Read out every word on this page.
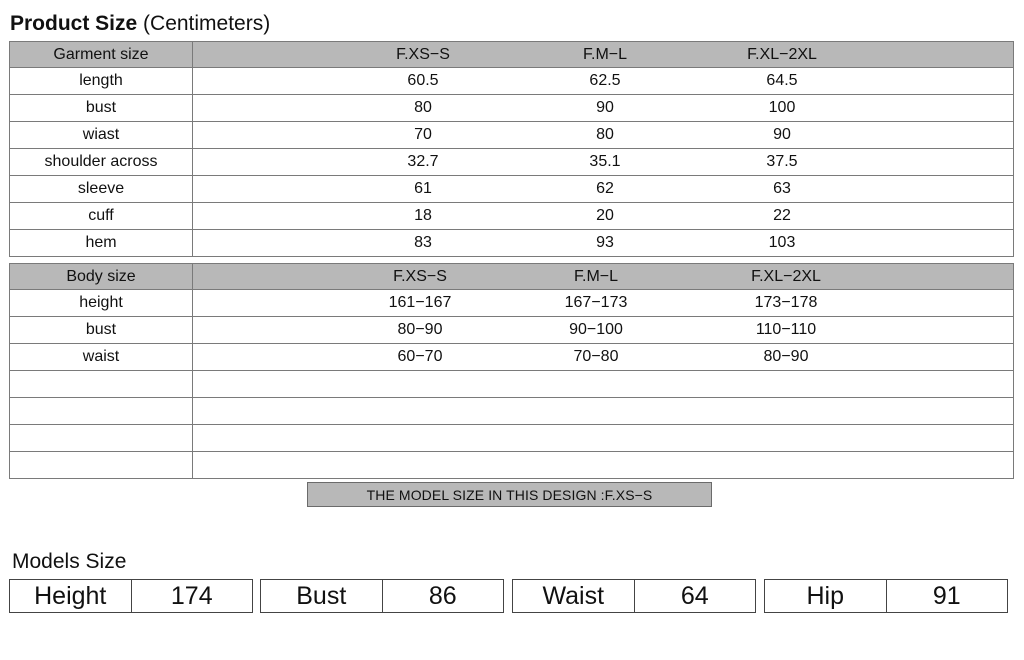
Product Size (Centimeters)
Garment size	F.XS−S F.M−L F.XL−2XL

length	60.5 62.5 64.5

bust	80 90 100

wiast	70 80 90

shoulder across	32.7 35.1 37.5

sleeve	61 62 63

cuff	18 20 22

hem	83 93 103
Body size	F.XS−S F.M−L F.XL−2XL

height	161−167 167−173 173−178

bust	80−90 90−100 110−110

waist	60−70 70−80 80−90

THE MODEL SIZE IN THIS DESIGN :F.XS−S
Models Size
Height	174	Bust	86	Waist	64	Hip	91
